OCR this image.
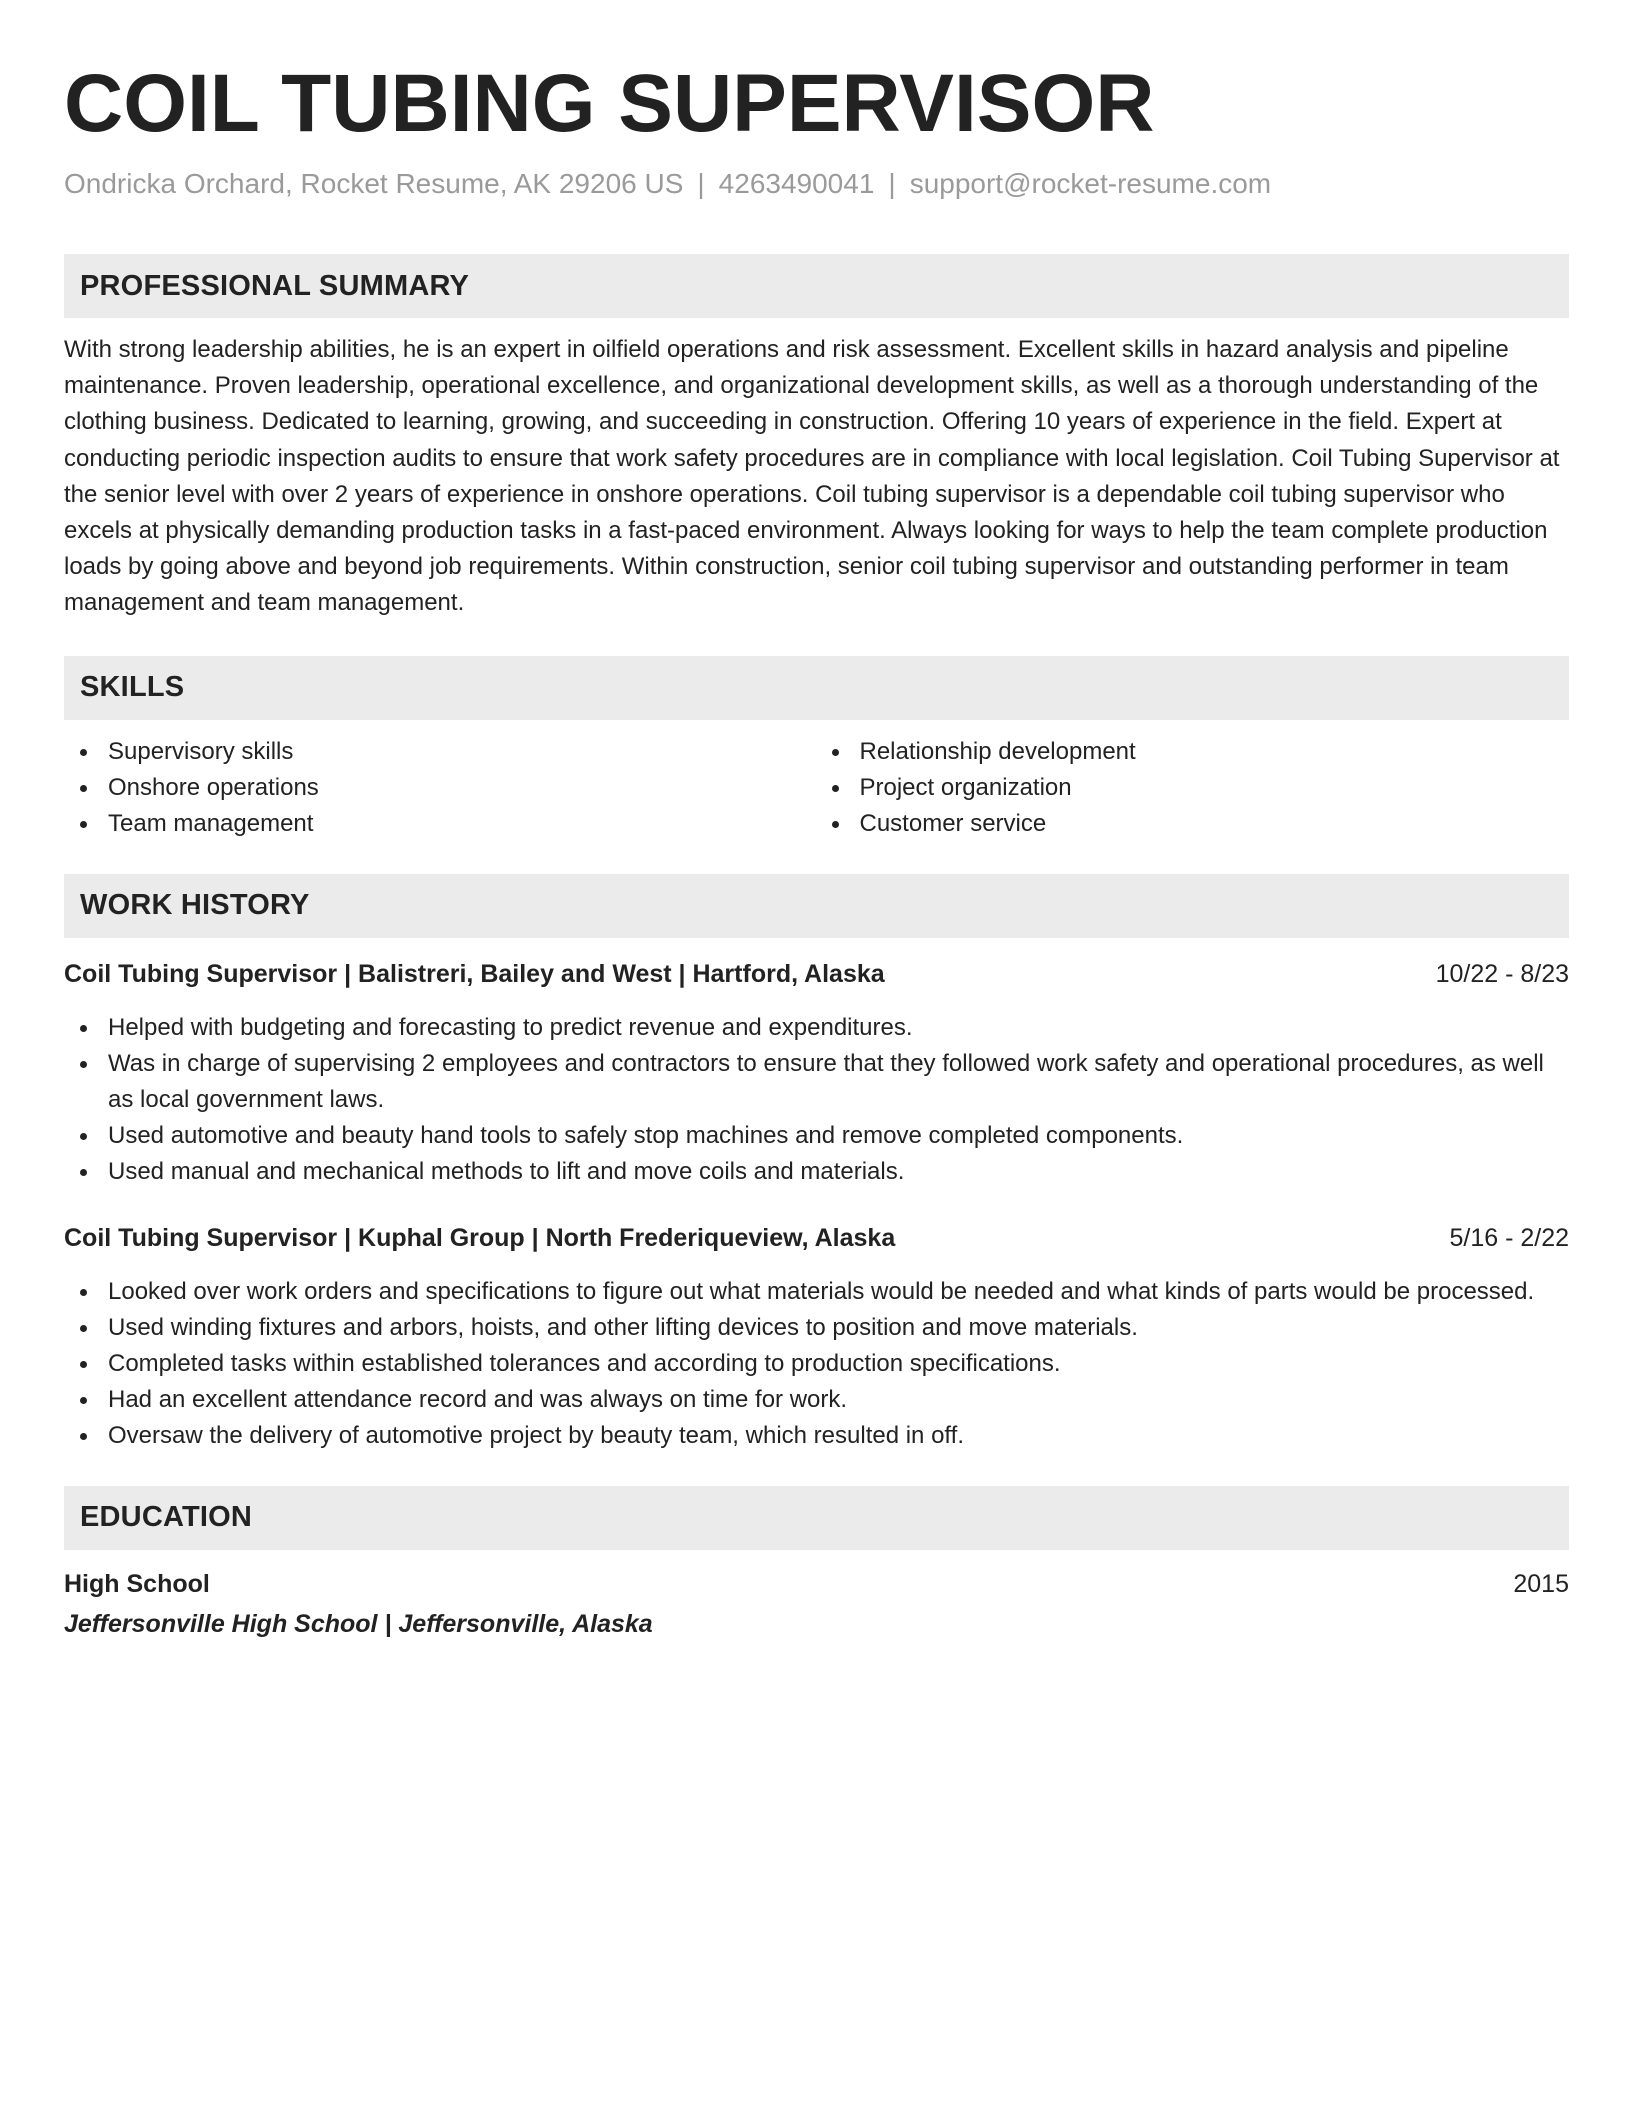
COIL TUBING SUPERVISOR
Ondricka Orchard, Rocket Resume, AK 29206 US | 4263490041 | support@rocket-resume.com
PROFESSIONAL SUMMARY
With strong leadership abilities, he is an expert in oilfield operations and risk assessment. Excellent skills in hazard analysis and pipeline maintenance. Proven leadership, operational excellence, and organizational development skills, as well as a thorough understanding of the clothing business. Dedicated to learning, growing, and succeeding in construction. Offering 10 years of experience in the field. Expert at conducting periodic inspection audits to ensure that work safety procedures are in compliance with local legislation. Coil Tubing Supervisor at the senior level with over 2 years of experience in onshore operations. Coil tubing supervisor is a dependable coil tubing supervisor who excels at physically demanding production tasks in a fast-paced environment. Always looking for ways to help the team complete production loads by going above and beyond job requirements. Within construction, senior coil tubing supervisor and outstanding performer in team management and team management.
SKILLS
Supervisory skills
Onshore operations
Team management
Relationship development
Project organization
Customer service
WORK HISTORY
Coil Tubing Supervisor | Balistreri, Bailey and West | Hartford, Alaska	10/22 - 8/23
Helped with budgeting and forecasting to predict revenue and expenditures.
Was in charge of supervising 2 employees and contractors to ensure that they followed work safety and operational procedures, as well as local government laws.
Used automotive and beauty hand tools to safely stop machines and remove completed components.
Used manual and mechanical methods to lift and move coils and materials.
Coil Tubing Supervisor | Kuphal Group | North Frederiqueview, Alaska	5/16 - 2/22
Looked over work orders and specifications to figure out what materials would be needed and what kinds of parts would be processed.
Used winding fixtures and arbors, hoists, and other lifting devices to position and move materials.
Completed tasks within established tolerances and according to production specifications.
Had an excellent attendance record and was always on time for work.
Oversaw the delivery of automotive project by beauty team, which resulted in off.
EDUCATION
High School	2015
Jeffersonville High School | Jeffersonville, Alaska
